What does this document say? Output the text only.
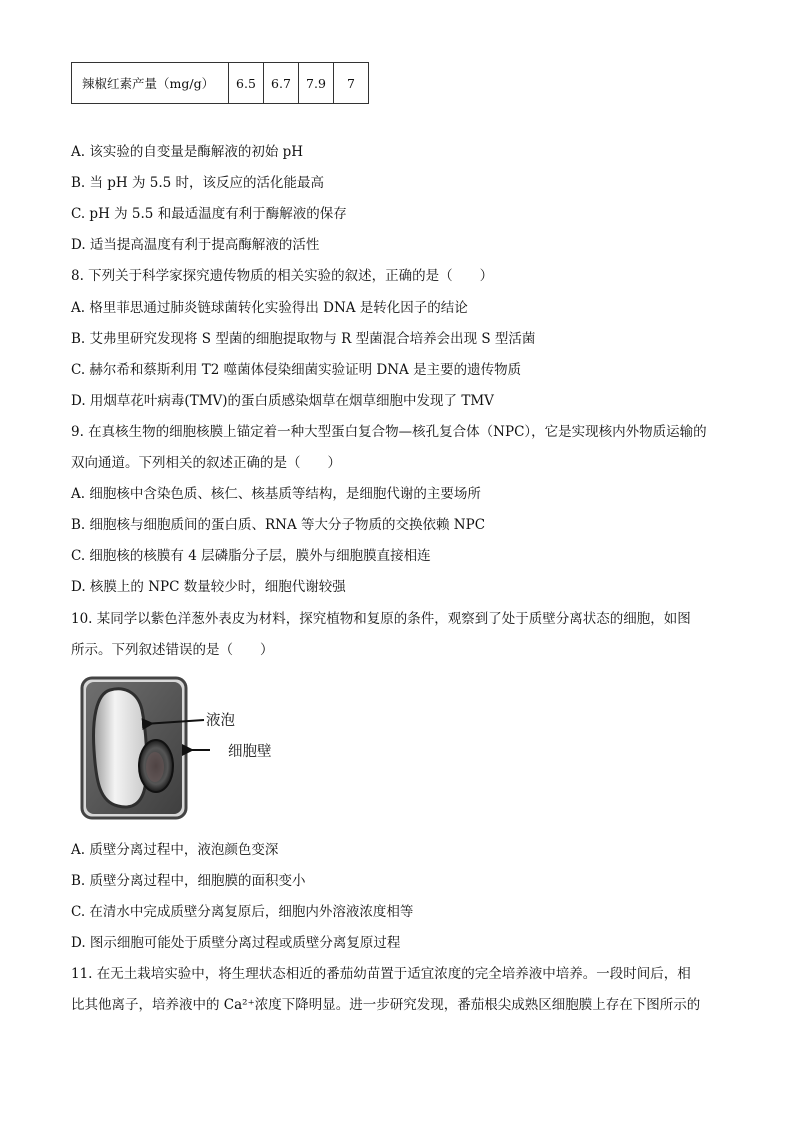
辣椒红素产量（mg/g）	6.5	6.7	7.9	7
A. 该实验的自变量是酶解液的初始 pH
B. 当 pH 为 5.5 时，该反应的活化能最高
C. pH 为 5.5 和最适温度有利于酶解液的保存
D. 适当提高温度有利于提高酶解液的活性
8. 下列关于科学家探究遗传物质的相关实验的叙述，正确的是（　　）
A. 格里菲思通过肺炎链球菌转化实验得出 DNA 是转化因子的结论
B. 艾弗里研究发现将 S 型菌的细胞提取物与 R 型菌混合培养会出现 S 型活菌
C. 赫尔希和蔡斯利用 T2 噬菌体侵染细菌实验证明 DNA 是主要的遗传物质
D. 用烟草花叶病毒(TMV)的蛋白质感染烟草在烟草细胞中发现了 TMV
9. 在真核生物的细胞核膜上锚定着一种大型蛋白复合物—核孔复合体（NPC），它是实现核内外物质运输的
双向通道。下列相关的叙述正确的是（　　）
A. 细胞核中含染色质、核仁、核基质等结构，是细胞代谢的主要场所
B. 细胞核与细胞质间的蛋白质、RNA 等大分子物质的交换依赖 NPC
C. 细胞核的核膜有 4 层磷脂分子层，膜外与细胞膜直接相连
D. 核膜上的 NPC 数量较少时，细胞代谢较强
10. 某同学以紫色洋葱外表皮为材料，探究植物和复原的条件，观察到了处于质壁分离状态的细胞，如图
所示。下列叙述错误的是（　　）
液泡
细胞壁
A. 质壁分离过程中，液泡颜色变深
B. 质壁分离过程中，细胞膜的面积变小
C. 在清水中完成质壁分离复原后，细胞内外溶液浓度相等
D. 图示细胞可能处于质壁分离过程或质壁分离复原过程
11. 在无土栽培实验中，将生理状态相近的番茄幼苗置于适宜浓度的完全培养液中培养。一段时间后，相
比其他离子，培养液中的 Ca²⁺浓度下降明显。进一步研究发现，番茄根尖成熟区细胞膜上存在下图所示的
